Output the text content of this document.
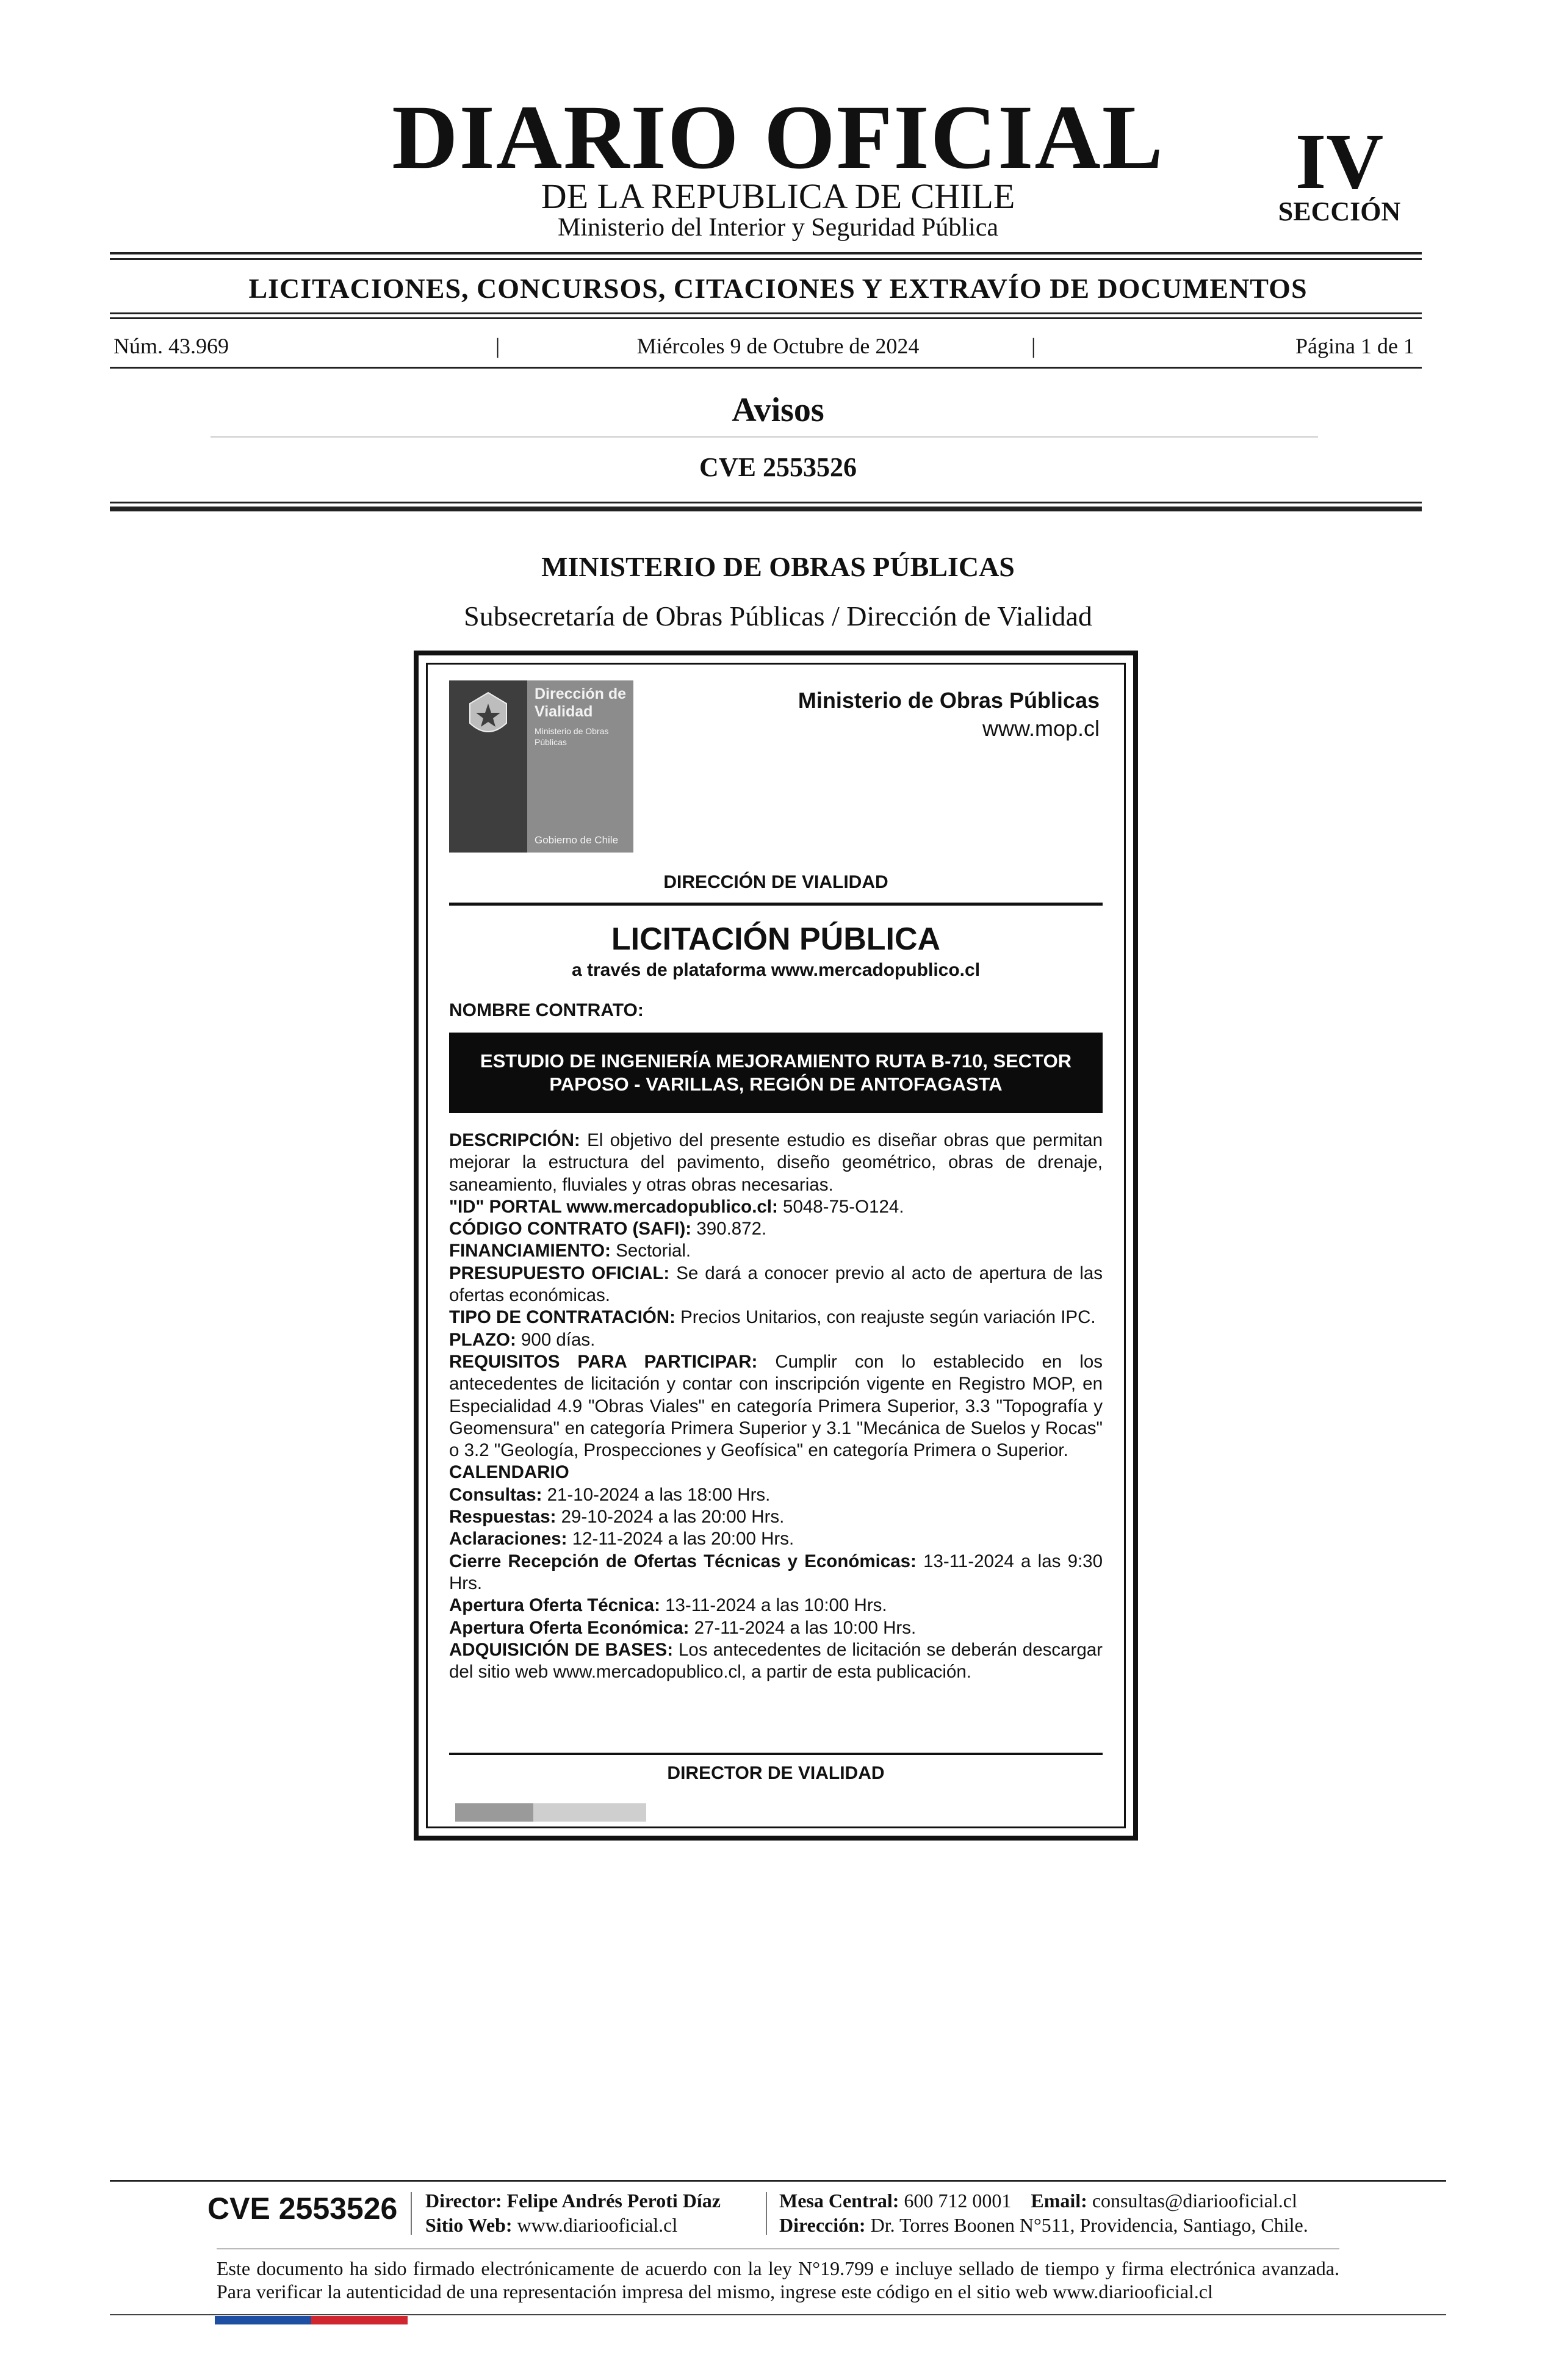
DIARIO OFICIAL
DE LA REPUBLICA DE CHILE
Ministerio del Interior y Seguridad Pública
IV
SECCIÓN
LICITACIONES, CONCURSOS, CITACIONES Y EXTRAVÍO DE DOCUMENTOS
Núm. 43.969	|	Miércoles 9 de Octubre de 2024	|	Página 1 de 1
Avisos
CVE 2553526
MINISTERIO DE OBRAS PÚBLICAS
Subsecretaría de Obras Públicas / Dirección de Vialidad
Dirección de
Vialidad
Ministerio de Obras
Públicas
Gobierno de Chile
Ministerio de Obras Públicas
www.mop.cl
DIRECCIÓN DE VIALIDAD
LICITACIÓN PÚBLICA
a través de plataforma www.mercadopublico.cl
NOMBRE CONTRATO:
ESTUDIO DE INGENIERÍA MEJORAMIENTO RUTA B-710, SECTOR
PAPOSO - VARILLAS, REGIÓN DE ANTOFAGASTA
DESCRIPCIÓN: El objetivo del presente estudio es diseñar obras que permitan mejorar la estructura del pavimento, diseño geométrico, obras de drenaje, saneamiento, fluviales y otras obras necesarias.
"ID" PORTAL www.mercadopublico.cl: 5048-75-O124.
CÓDIGO CONTRATO (SAFI): 390.872.
FINANCIAMIENTO: Sectorial.
PRESUPUESTO OFICIAL: Se dará a conocer previo al acto de apertura de las ofertas económicas.
TIPO DE CONTRATACIÓN: Precios Unitarios, con reajuste según variación IPC.
PLAZO: 900 días.
REQUISITOS PARA PARTICIPAR: Cumplir con lo establecido en los antecedentes de licitación y contar con inscripción vigente en Registro MOP, en Especialidad 4.9 "Obras Viales" en categoría Primera Superior, 3.3 "Topografía y Geomensura" en categoría Primera Superior y 3.1 "Mecánica de Suelos y Rocas" o 3.2 "Geología, Prospecciones y Geofísica" en categoría Primera o Superior.
CALENDARIO
Consultas: 21-10-2024 a las 18:00 Hrs.
Respuestas: 29-10-2024 a las 20:00 Hrs.
Aclaraciones: 12-11-2024 a las 20:00 Hrs.
Cierre Recepción de Ofertas Técnicas y Económicas: 13-11-2024 a las 9:30 Hrs.
Apertura Oferta Técnica: 13-11-2024 a las 10:00 Hrs.
Apertura Oferta Económica: 27-11-2024 a las 10:00 Hrs.
ADQUISICIÓN DE BASES: Los antecedentes de licitación se deberán descargar del sitio web www.mercadopublico.cl, a partir de esta publicación.
DIRECTOR DE VIALIDAD
CVE 2553526 Director: Felipe Andrés Peroti Díaz
Sitio Web: www.diariooficial.cl
Mesa Central: 600 712 0001 Email: consultas@diariooficial.cl
Dirección: Dr. Torres Boonen N°511, Providencia, Santiago, Chile.
Este documento ha sido firmado electrónicamente de acuerdo con la ley N°19.799 e incluye sellado de tiempo y firma electrónica avanzada. Para verificar la autenticidad de una representación impresa del mismo, ingrese este código en el sitio web www.diariooficial.cl
